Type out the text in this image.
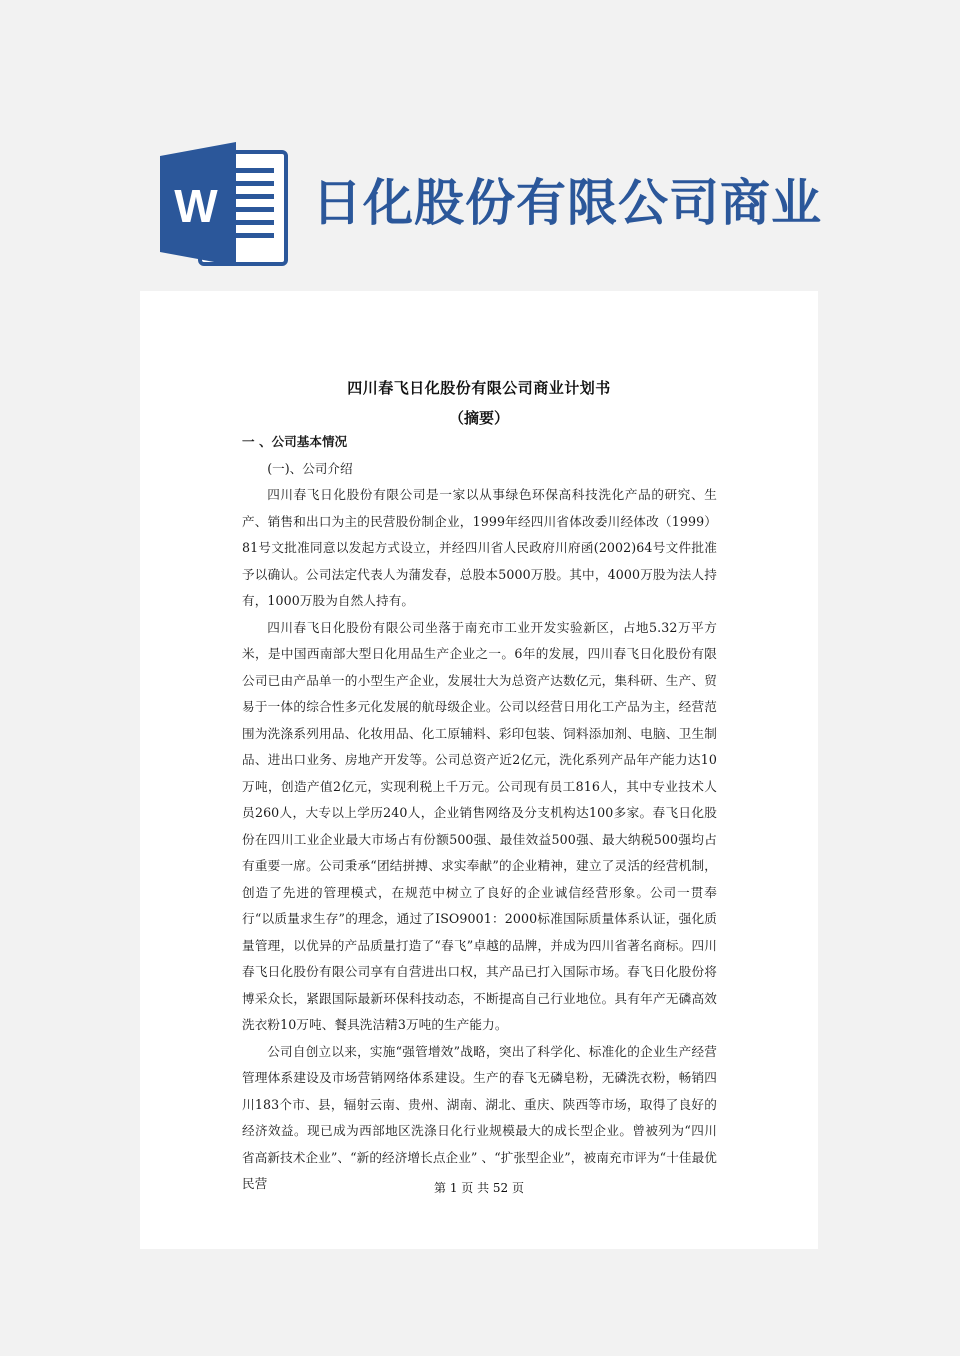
W 日化股份有限公司商业
四川春飞日化股份有限公司商业计划书
（摘要）

一 、公司基本情况

(一)、公司介绍

四川春飞日化股份有限公司是一家以从事绿色环保高科技洗化产品的研究、生产、销售和出口为主的民营股份制企业，1999年经四川省体改委川经体改（1999）81号文批准同意以发起方式设立，并经四川省人民政府川府函(2002)64号文件批准予以确认。公司法定代表人为蒲发春，总股本5000万股。其中，4000万股为法人持有，1000万股为自然人持有。

四川春飞日化股份有限公司坐落于南充市工业开发实验新区，占地5.32万平方米，是中国西南部大型日化用品生产企业之一。6年的发展，四川春飞日化股份有限公司已由产品单一的小型生产企业，发展壮大为总资产达数亿元，集科研、生产、贸易于一体的综合性多元化发展的航母级企业。公司以经营日用化工产品为主，经营范围为洗涤系列用品、化妆用品、化工原辅料、彩印包装、饲料添加剂、电脑、卫生制品、进出口业务、房地产开发等。公司总资产近2亿元，洗化系列产品年产能力达10万吨，创造产值2亿元，实现利税上千万元。公司现有员工816人，其中专业技术人员260人，大专以上学历240人，企业销售网络及分支机构达100多家。春飞日化股份在四川工业企业最大市场占有份额500强、最佳效益500强、最大纳税500强均占有重要一席。公司秉承“团结拼搏、求实奉献”的企业精神，建立了灵活的经营机制，创造了先进的管理模式，在规范中树立了良好的企业诚信经营形象。公司一贯奉行“以质量求生存”的理念，通过了ISO9001：2000标准国际质量体系认证，强化质量管理，以优异的产品质量打造了“春飞”卓越的品牌，并成为四川省著名商标。四川春飞日化股份有限公司享有自营进出口权，其产品已打入国际市场。春飞日化股份将博采众长，紧跟国际最新环保科技动态，不断提高自己行业地位。具有年产无磷高效洗衣粉10万吨、餐具洗洁精3万吨的生产能力。

公司自创立以来，实施“强管增效”战略，突出了科学化、标准化的企业生产经营管理体系建设及市场营销网络体系建设。生产的春飞无磷皂粉，无磷洗衣粉，畅销四川183个市、县，辐射云南、贵州、湖南、湖北、重庆、陕西等市场，取得了良好的经济效益。现已成为西部地区洗涤日化行业规模最大的成长型企业。曾被列为“四川省高新技术企业”、“新的经济增长点企业” 、“扩张型企业”，被南充市评为“十佳最优民营	第 1 页 共 52 页
